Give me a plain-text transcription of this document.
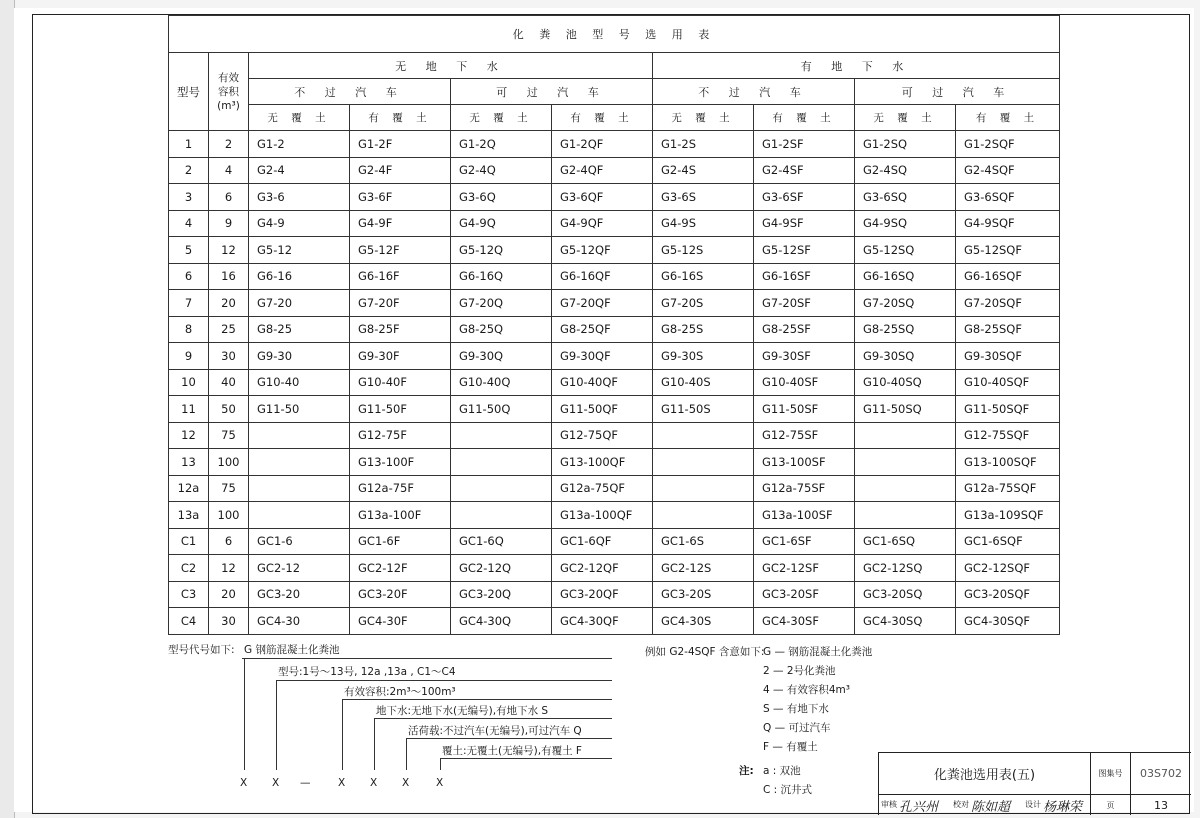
化 粪 池 型 号 选 用 表									
型号	有效
容积
(m³)	无 地 下 水				有 地 下 水			
		不 过 汽 车		可 过 汽 车		不 过 汽 车		可 过 汽 车	
		无 覆 土	有 覆 土	无 覆 土	有 覆 土	无 覆 土	有 覆 土	无 覆 土	有 覆 土
1	2	G1-2	G1-2F	G1-2Q	G1-2QF	G1-2S	G1-2SF	G1-2SQ	G1-2SQF
2	4	G2-4	G2-4F	G2-4Q	G2-4QF	G2-4S	G2-4SF	G2-4SQ	G2-4SQF
3	6	G3-6	G3-6F	G3-6Q	G3-6QF	G3-6S	G3-6SF	G3-6SQ	G3-6SQF
4	9	G4-9	G4-9F	G4-9Q	G4-9QF	G4-9S	G4-9SF	G4-9SQ	G4-9SQF
5	12	G5-12	G5-12F	G5-12Q	G5-12QF	G5-12S	G5-12SF	G5-12SQ	G5-12SQF
6	16	G6-16	G6-16F	G6-16Q	G6-16QF	G6-16S	G6-16SF	G6-16SQ	G6-16SQF
7	20	G7-20	G7-20F	G7-20Q	G7-20QF	G7-20S	G7-20SF	G7-20SQ	G7-20SQF
8	25	G8-25	G8-25F	G8-25Q	G8-25QF	G8-25S	G8-25SF	G8-25SQ	G8-25SQF
9	30	G9-30	G9-30F	G9-30Q	G9-30QF	G9-30S	G9-30SF	G9-30SQ	G9-30SQF
10	40	G10-40	G10-40F	G10-40Q	G10-40QF	G10-40S	G10-40SF	G10-40SQ	G10-40SQF
11	50	G11-50	G11-50F	G11-50Q	G11-50QF	G11-50S	G11-50SF	G11-50SQ	G11-50SQF
12	75		G12-75F		G12-75QF		G12-75SF		G12-75SQF
13	100		G13-100F		G13-100QF		G13-100SF		G13-100SQF
12a	75		G12a-75F		G12a-75QF		G12a-75SF		G12a-75SQF
13a	100		G13a-100F		G13a-100QF		G13a-100SF		G13a-109SQF
C1	6	GC1-6	GC1-6F	GC1-6Q	GC1-6QF	GC1-6S	GC1-6SF	GC1-6SQ	GC1-6SQF
C2	12	GC2-12	GC2-12F	GC2-12Q	GC2-12QF	GC2-12S	GC2-12SF	GC2-12SQ	GC2-12SQF
C3	20	GC3-20	GC3-20F	GC3-20Q	GC3-20QF	GC3-20S	GC3-20SF	GC3-20SQ	GC3-20SQF
C4	30	GC4-30	GC4-30F	GC4-30Q	GC4-30QF	GC4-30S	GC4-30SF	GC4-30SQ	GC4-30SQF
型号代号如下: G 钢筋混凝土化粪池
型号:1号～13号, 12a ,13a , C1～C4
有效容积:2m³～100m³
地下水:无地下水(无编号),有地下水 S
活荷载:不过汽车(无编号),可过汽车 Q
覆土:无覆土(无编号),有覆土 F
X X —	X X X	X
例如 G2-4SQF 含意如下:
G — 钢筋混凝土化粪池
2 — 2号化粪池
4 — 有效容积4m³
S — 有地下水
Q — 可过汽车
F — 有覆土
注: a : 双池
C : 沉井式
化粪池选用表(五)	图集号	03S702
审核 孔兴州 校对 陈如超 设计 杨琳荣	页	13
